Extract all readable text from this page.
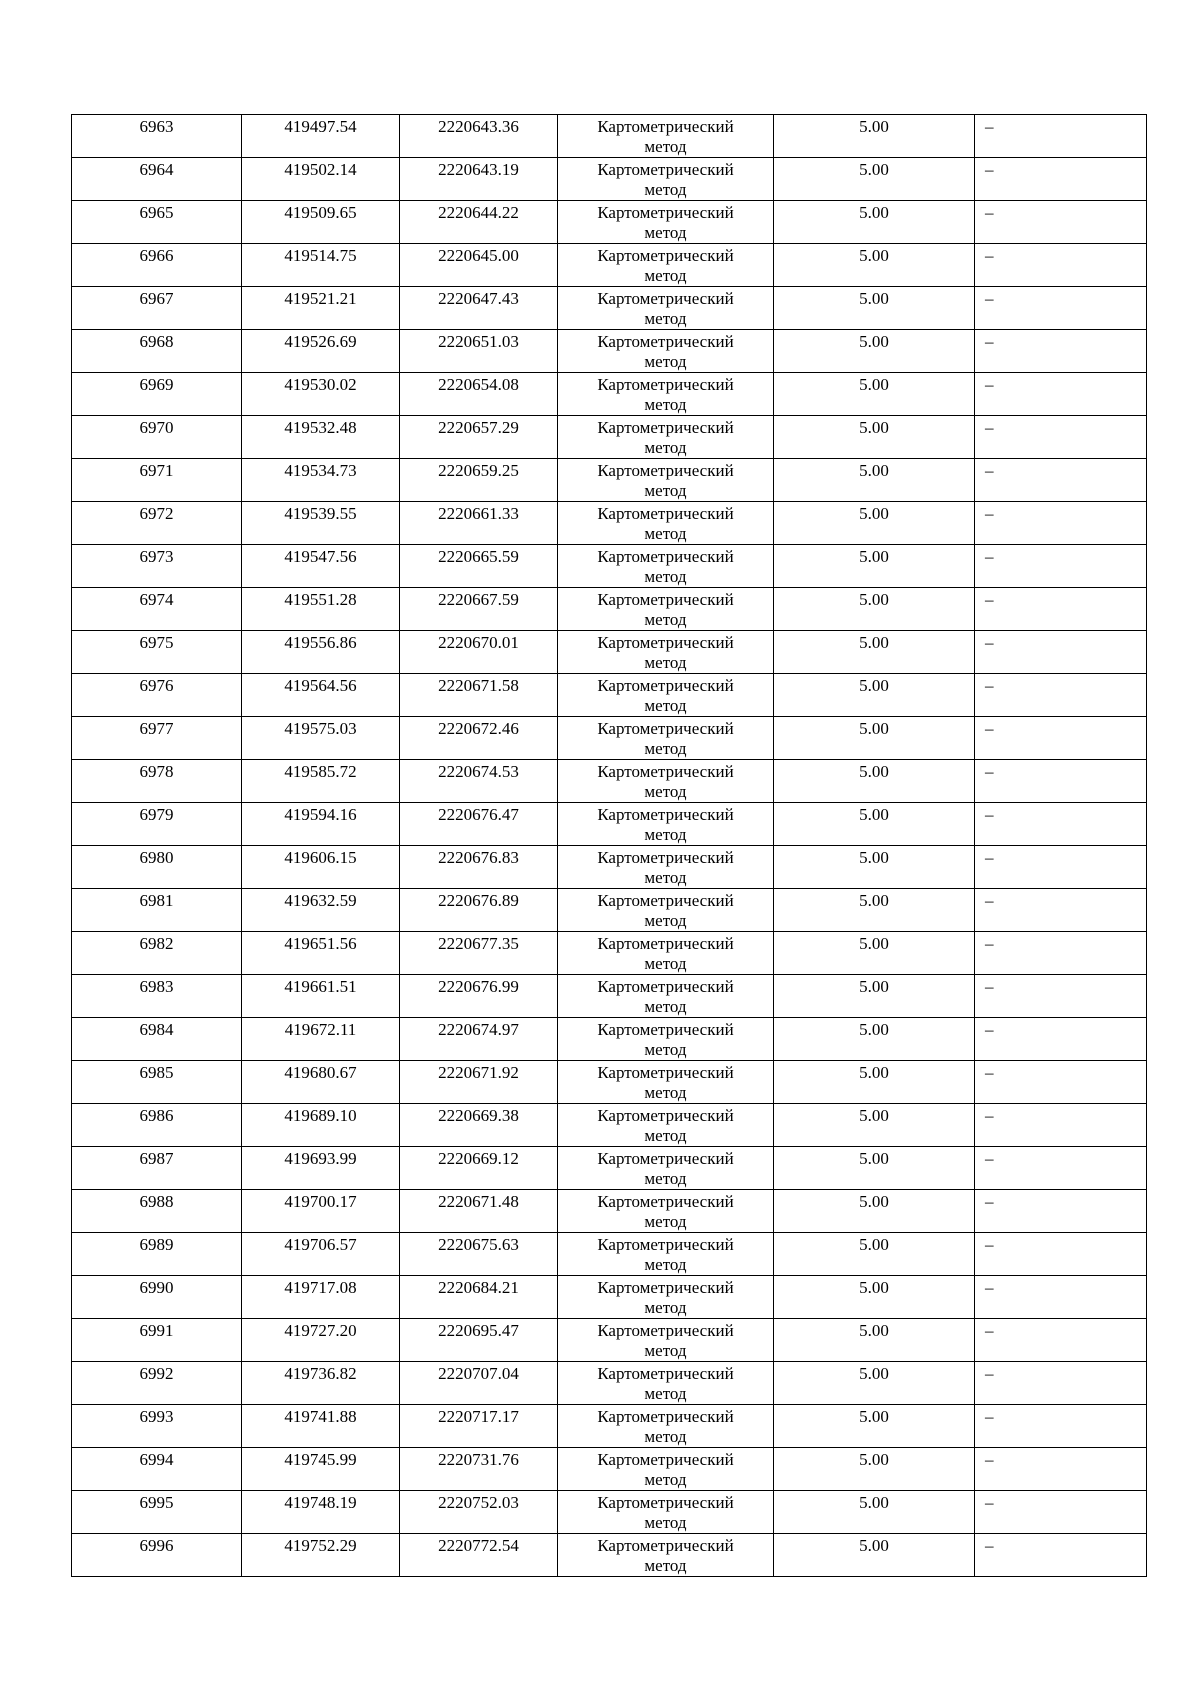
6963	419497.54	2220643.36	Картометрический метод	5.00	–
6964	419502.14	2220643.19	Картометрический метод	5.00	–
6965	419509.65	2220644.22	Картометрический метод	5.00	–
6966	419514.75	2220645.00	Картометрический метод	5.00	–
6967	419521.21	2220647.43	Картометрический метод	5.00	–
6968	419526.69	2220651.03	Картометрический метод	5.00	–
6969	419530.02	2220654.08	Картометрический метод	5.00	–
6970	419532.48	2220657.29	Картометрический метод	5.00	–
6971	419534.73	2220659.25	Картометрический метод	5.00	–
6972	419539.55	2220661.33	Картометрический метод	5.00	–
6973	419547.56	2220665.59	Картометрический метод	5.00	–
6974	419551.28	2220667.59	Картометрический метод	5.00	–
6975	419556.86	2220670.01	Картометрический метод	5.00	–
6976	419564.56	2220671.58	Картометрический метод	5.00	–
6977	419575.03	2220672.46	Картометрический метод	5.00	–
6978	419585.72	2220674.53	Картометрический метод	5.00	–
6979	419594.16	2220676.47	Картометрический метод	5.00	–
6980	419606.15	2220676.83	Картометрический метод	5.00	–
6981	419632.59	2220676.89	Картометрический метод	5.00	–
6982	419651.56	2220677.35	Картометрический метод	5.00	–
6983	419661.51	2220676.99	Картометрический метод	5.00	–
6984	419672.11	2220674.97	Картометрический метод	5.00	–
6985	419680.67	2220671.92	Картометрический метод	5.00	–
6986	419689.10	2220669.38	Картометрический метод	5.00	–
6987	419693.99	2220669.12	Картометрический метод	5.00	–
6988	419700.17	2220671.48	Картометрический метод	5.00	–
6989	419706.57	2220675.63	Картометрический метод	5.00	–
6990	419717.08	2220684.21	Картометрический метод	5.00	–
6991	419727.20	2220695.47	Картометрический метод	5.00	–
6992	419736.82	2220707.04	Картометрический метод	5.00	–
6993	419741.88	2220717.17	Картометрический метод	5.00	–
6994	419745.99	2220731.76	Картометрический метод	5.00	–
6995	419748.19	2220752.03	Картометрический метод	5.00	–
6996	419752.29	2220772.54	Картометрический метод	5.00	–
